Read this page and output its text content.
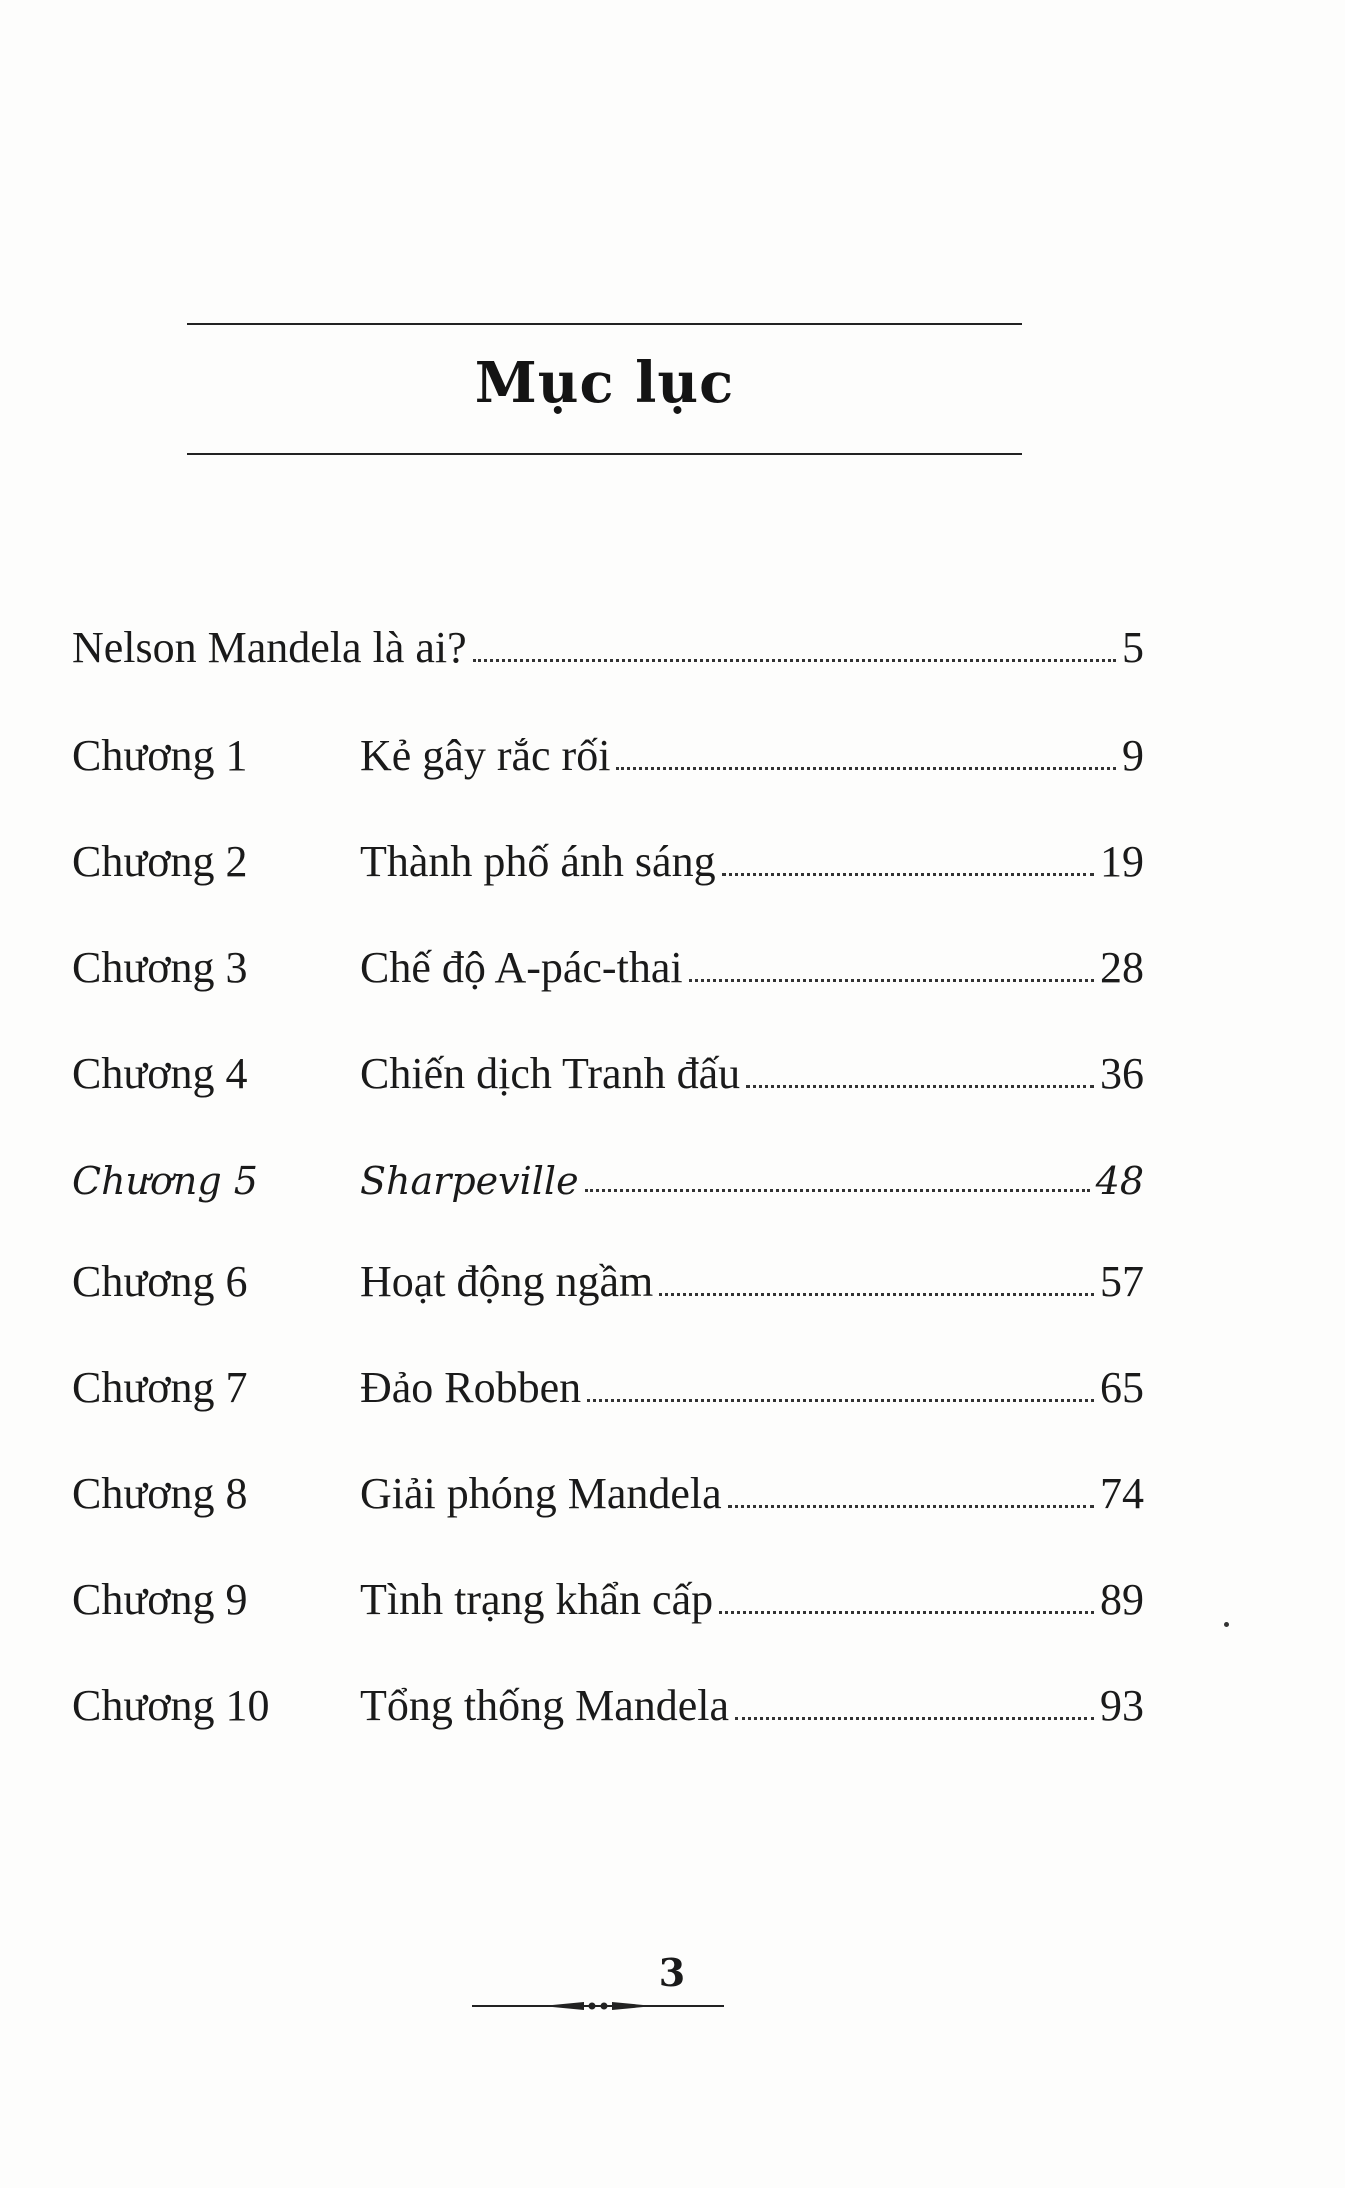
Mục lục
Nelson Mandela là ai?	5
Chương 1	Kẻ gây rắc rối	9
Chương 2	Thành phố ánh sáng	19
Chương 3	Chế độ A-pác-thai	28
Chương 4	Chiến dịch Tranh đấu	36
Chương 5	Sharpeville	48
Chương 6	Hoạt động ngầm	57
Chương 7	Đảo Robben	65
Chương 8	Giải phóng Mandela	74
Chương 9	Tình trạng khẩn cấp	89
Chương 10	Tổng thống Mandela	93
3
